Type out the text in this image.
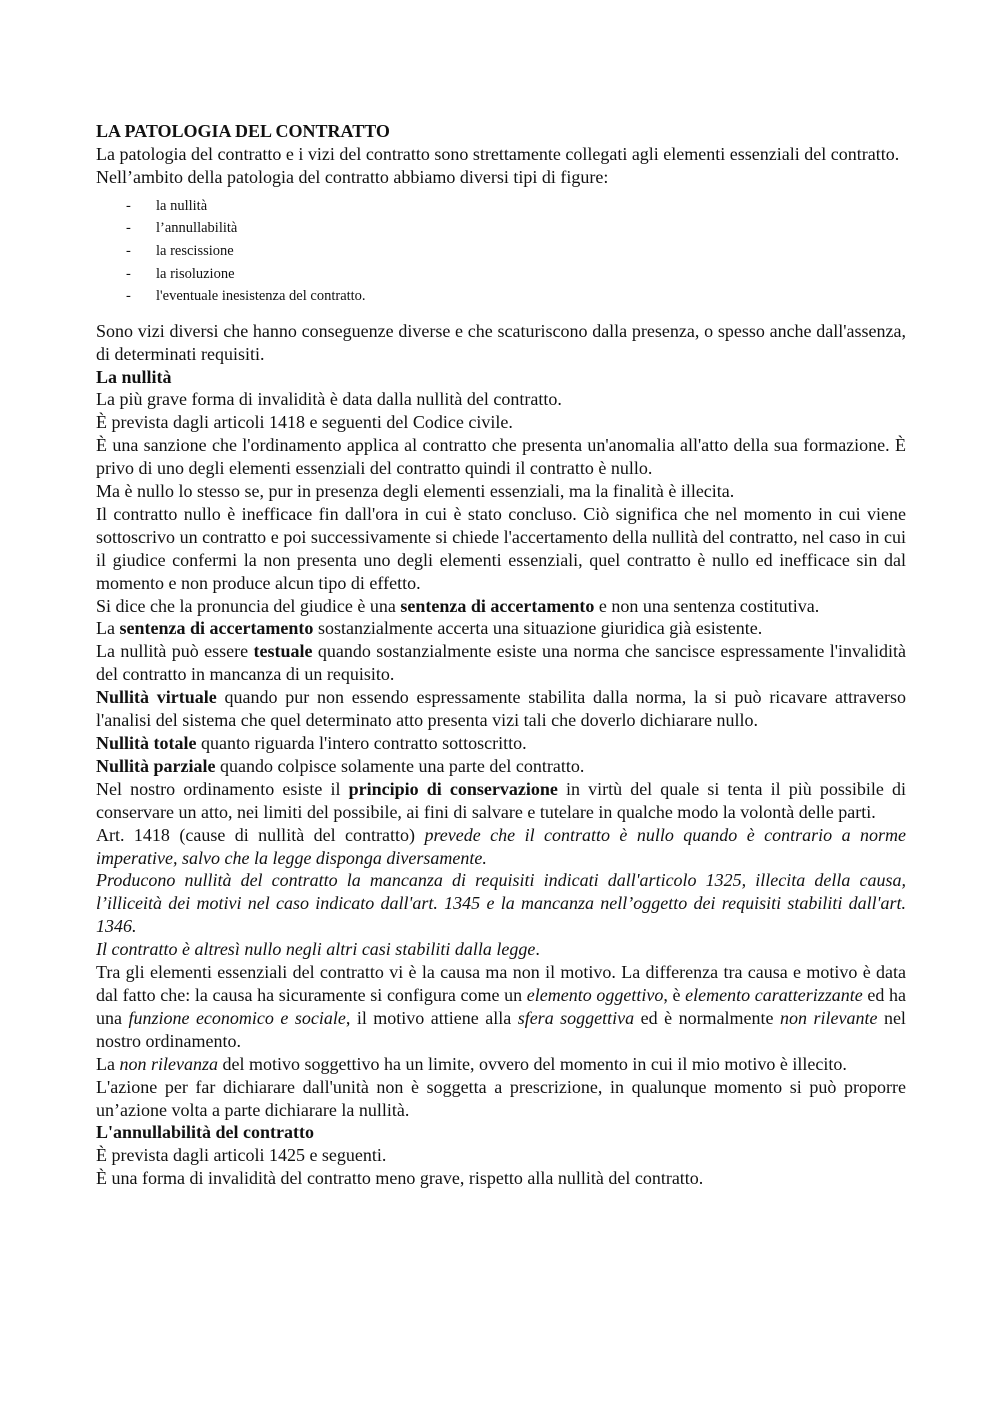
LA PATOLOGIA DEL CONTRATTO

La patologia del contratto e i vizi del contratto sono strettamente collegati agli elementi essenziali del contratto.

Nell’ambito della patologia del contratto abbiamo diversi tipi di figure:

- la nullità
- l’annullabilità
- la rescissione
- la risoluzione
- l'eventuale inesistenza del contratto.

Sono vizi diversi che hanno conseguenze diverse e che scaturiscono dalla presenza, o spesso anche dall'assenza, di determinati requisiti.

La nullità

La più grave forma di invalidità è data dalla nullità del contratto.

È prevista dagli articoli 1418 e seguenti del Codice civile.

È una sanzione che l'ordinamento applica al contratto che presenta un'anomalia all'atto della sua formazione. È privo di uno degli elementi essenziali del contratto quindi il contratto è nullo.

Ma è nullo lo stesso se, pur in presenza degli elementi essenziali, ma la finalità è illecita.

Il contratto nullo è inefficace fin dall'ora in cui è stato concluso. Ciò significa che nel momento in cui viene sottoscrivo un contratto e poi successivamente si chiede l'accertamento della nullità del contratto, nel caso in cui il giudice confermi la non presenta uno degli elementi essenziali, quel contratto è nullo ed inefficace sin dal momento e non produce alcun tipo di effetto.

Si dice che la pronuncia del giudice è una sentenza di accertamento e non una sentenza costitutiva.

La sentenza di accertamento sostanzialmente accerta una situazione giuridica già esistente.

La nullità può essere testuale quando sostanzialmente esiste una norma che sancisce espressamente l'invalidità del contratto in mancanza di un requisito.

Nullità virtuale quando pur non essendo espressamente stabilita dalla norma, la si può ricavare attraverso l'analisi del sistema che quel determinato atto presenta vizi tali che doverlo dichiarare nullo.

Nullità totale quanto riguarda l'intero contratto sottoscritto.

Nullità parziale quando colpisce solamente una parte del contratto.

Nel nostro ordinamento esiste il principio di conservazione in virtù del quale si tenta il più possibile di conservare un atto, nei limiti del possibile, ai fini di salvare e tutelare in qualche modo la volontà delle parti.

Art. 1418 (cause di nullità del contratto) prevede che il contratto è nullo quando è contrario a norme imperative, salvo che la legge disponga diversamente.

Producono nullità del contratto la mancanza di requisiti indicati dall'articolo 1325, illecita della causa, l’illiceità dei motivi nel caso indicato dall'art. 1345 e la mancanza nell’oggetto dei requisiti stabiliti dall'art. 1346.

Il contratto è altresì nullo negli altri casi stabiliti dalla legge.

Tra gli elementi essenziali del contratto vi è la causa ma non il motivo. La differenza tra causa e motivo è data dal fatto che: la causa ha sicuramente si configura come un elemento oggettivo, è elemento caratterizzante ed ha una funzione economico e sociale, il motivo attiene alla sfera soggettiva ed è normalmente non rilevante nel nostro ordinamento.

La non rilevanza del motivo soggettivo ha un limite, ovvero del momento in cui il mio motivo è illecito.

L'azione per far dichiarare dall'unità non è soggetta a prescrizione, in qualunque momento si può proporre un’azione volta a parte dichiarare la nullità.

L'annullabilità del contratto

È prevista dagli articoli 1425 e seguenti.

È una forma di invalidità del contratto meno grave, rispetto alla nullità del contratto.
